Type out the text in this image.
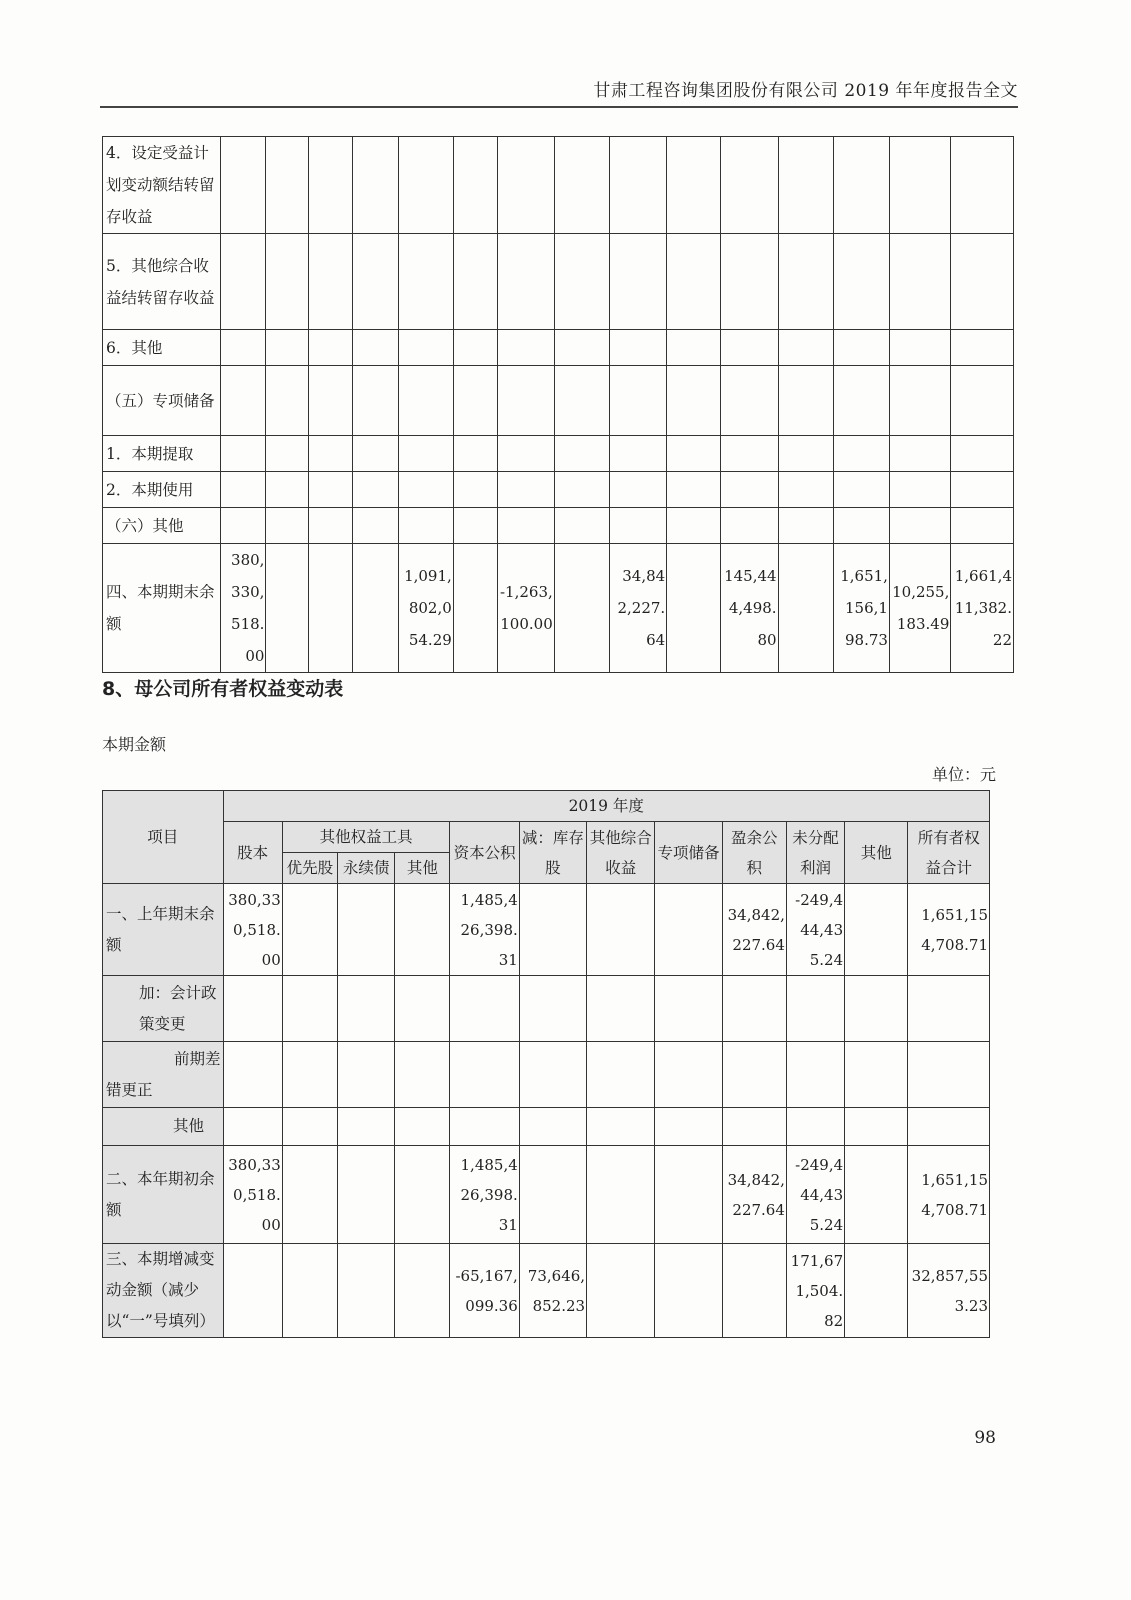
甘肃工程咨询集团股份有限公司 2019 年年度报告全文
4．设定受益计划变动额结转留存收益															
5．其他综合收益结转留存收益															
6．其他															
（五）专项储备															
1．本期提取															
2．本期使用															
（六）其他															
四、本期期末余额	380,330,518.00				1,091,802,054.29		-1,263,100.00		34,842,227.64		145,444,498.80		1,651,156,198.73	10,255,183.49	1,661,411,382.22
8、母公司所有者权益变动表
本期金额
单位：元
项目	2019 年度											
	股本	其他权益工具			资本公积	减：库存股	其他综合收益	专项储备	盈余公积	未分配利润	其他	所有者权益合计
		优先股	永续债	其他								
一、上年期末余额	380,330,518.00				1,485,426,398.31				34,842,227.64	-249,444,435.24		1,651,154,708.71
加：会计政策变更												
前期差错更正												
其他												
二、本年期初余额	380,330,518.00				1,485,426,398.31				34,842,227.64	-249,444,435.24		1,651,154,708.71
三、本期增减变动金额（减少以“一”号填列）					-65,167,099.36	73,646,852.23				171,671,504.82		32,857,553.23
98
